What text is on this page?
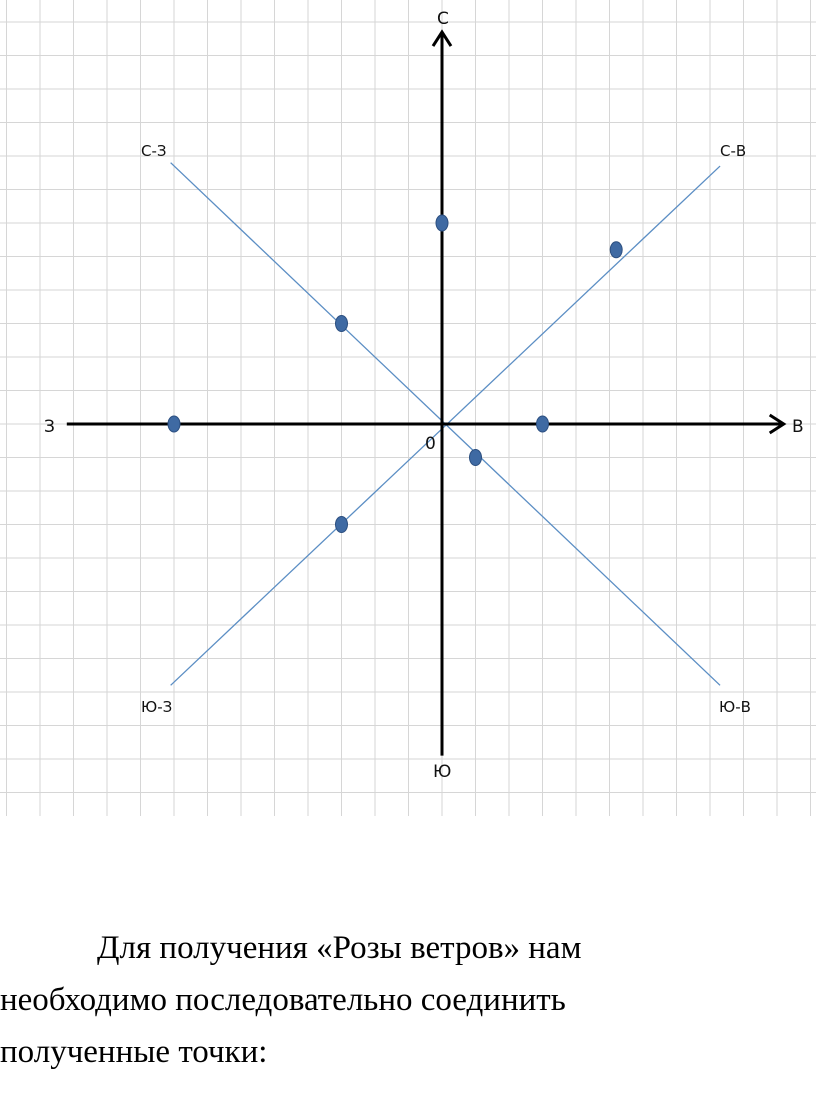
С
Ю
З	В
0
С-В
С-З
Ю-В
Ю-З

Для получения «Розы ветров» нам

необходимо последовательно соединить

полученные точки:
